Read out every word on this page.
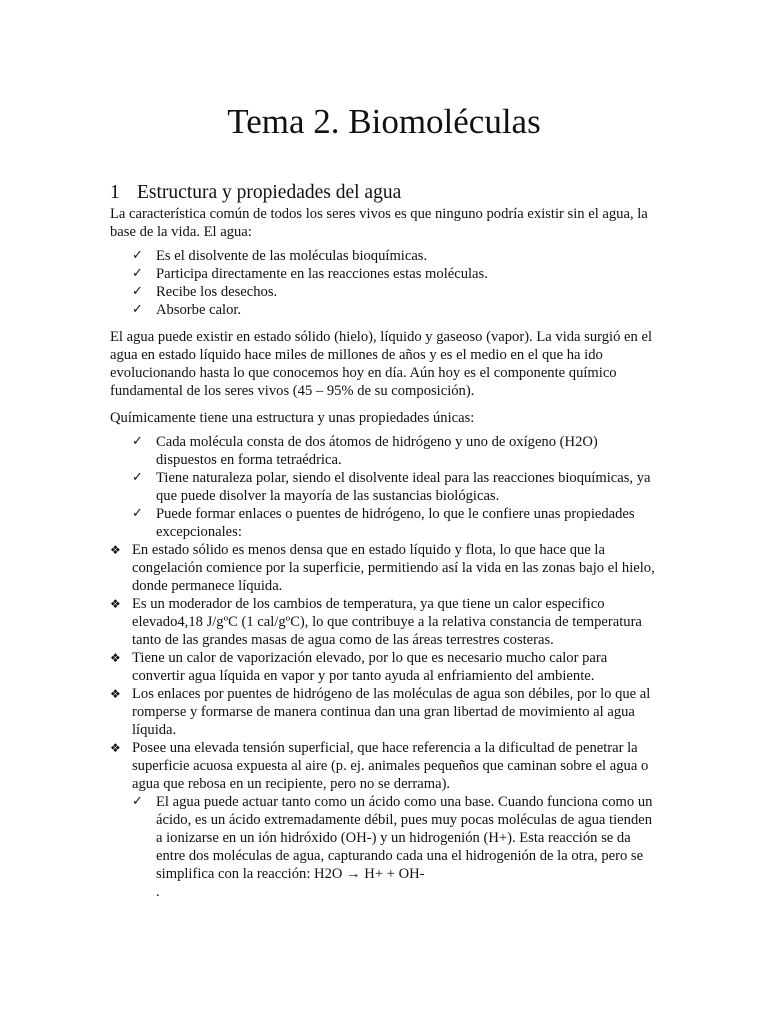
Tema 2. Biomoléculas
1 Estructura y propiedades del agua

La característica común de todos los seres vivos es que ninguno podría existir sin el agua, la base de la vida. El agua:

✓ Es el disolvente de las moléculas bioquímicas.
✓ Participa directamente en las reacciones estas moléculas.
✓ Recibe los desechos.
✓ Absorbe calor.

El agua puede existir en estado sólido (hielo), líquido y gaseoso (vapor). La vida surgió en el agua en estado líquido hace miles de millones de años y es el medio en el que ha ido evolucionando hasta lo que conocemos hoy en día. Aún hoy es el componente químico fundamental de los seres vivos (45 – 95% de su composición).

Químicamente tiene una estructura y unas propiedades únicas:

✓ Cada molécula consta de dos átomos de hidrógeno y uno de oxígeno (H2O) dispuestos en forma tetraédrica.
✓ Tiene naturaleza polar, siendo el disolvente ideal para las reacciones bioquímicas, ya que puede disolver la mayoría de las sustancias biológicas.
✓ Puede formar enlaces o puentes de hidrógeno, lo que le confiere unas propiedades excepcionales:
❖ En estado sólido es menos densa que en estado líquido y flota, lo que hace que la congelación comience por la superficie, permitiendo así la vida en las zonas bajo el hielo, donde permanece líquida.
❖ Es un moderador de los cambios de temperatura, ya que tiene un calor especifico elevado4,18 J/gºC (1 cal/gºC), lo que contribuye a la relativa constancia de temperatura tanto de las grandes masas de agua como de las áreas terrestres costeras.
❖ Tiene un calor de vaporización elevado, por lo que es necesario mucho calor para convertir agua líquida en vapor y por tanto ayuda al enfriamiento del ambiente.
❖ Los enlaces por puentes de hidrógeno de las moléculas de agua son débiles, por lo que al romperse y formarse de manera continua dan una gran libertad de movimiento al agua líquida.
❖ Posee una elevada tensión superficial, que hace referencia a la dificultad de penetrar la superficie acuosa expuesta al aire (p. ej. animales pequeños que caminan sobre el agua o agua que rebosa en un recipiente, pero no se derrama).
✓ El agua puede actuar tanto como un ácido como una base. Cuando funciona como un ácido, es un ácido extremadamente débil, pues muy pocas moléculas de agua tienden a ionizarse en un ión hidróxido (OH-) y un hidrogenión (H+). Esta reacción se da entre dos moléculas de agua, capturando cada una el hidrogenión de la otra, pero se simplifica con la reacción: H2O → H+ + OH-
.
